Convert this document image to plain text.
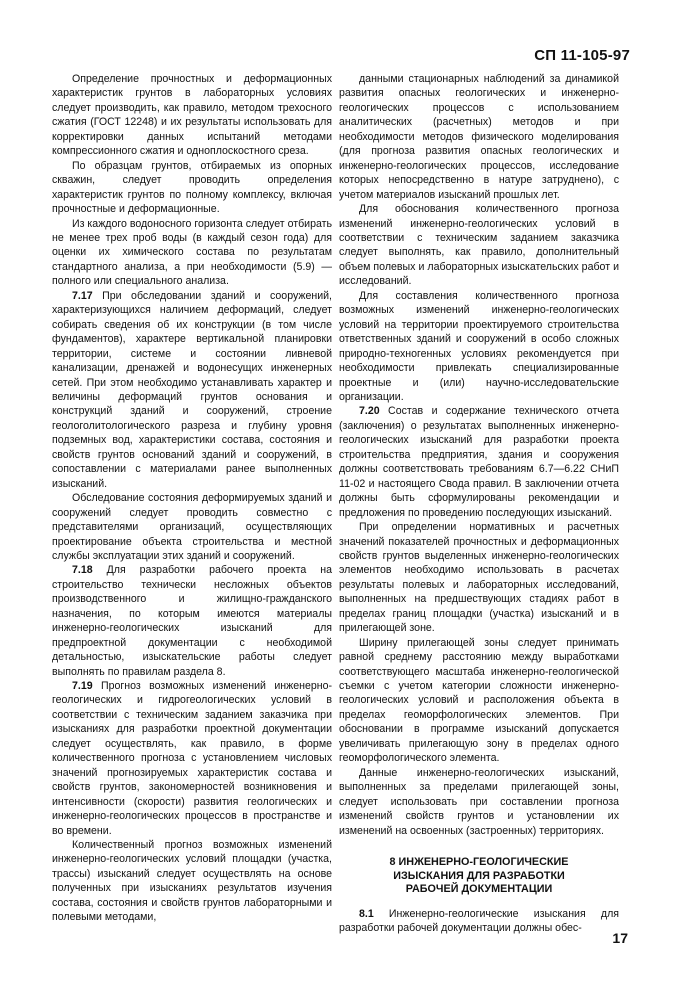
СП 11-105-97

Определение прочностных и деформационных характеристик грунтов в лабораторных условиях следует производить, как правило, методом трехосного сжатия (ГОСТ 12248) и их результаты использовать для корректировки данных испытаний методами компрессионного сжатия и одноплоскостного среза.

По образцам грунтов, отбираемых из опорных скважин, следует проводить определения характеристик грунтов по полному комплексу, включая прочностные и деформационные.

Из каждого водоносного горизонта следует отбирать не менее трех проб воды (в каждый сезон года) для оценки их химического состава по результатам стандартного анализа, а при необходимости (5.9) — полного или специального анализа.

7.17 При обследовании зданий и сооружений, характеризующихся наличием деформаций, следует собирать сведения об их конструкции (в том числе фундаментов), характере вертикальной планировки территории, системе и состоянии ливневой канализации, дренажей и водонесущих инженерных сетей. При этом необходимо устанавливать характер и величины деформаций грунтов основания и конструкций зданий и сооружений, строение геологолитологического разреза и глубину уровня подземных вод, характеристики состава, состояния и свойств грунтов оснований зданий и сооружений, в сопоставлении с материалами ранее выполненных изысканий.

Обследование состояния деформируемых зданий и сооружений следует проводить совместно с представителями организаций, осуществляющих проектирование объекта строительства и местной службы эксплуатации этих зданий и сооружений.

7.18 Для разработки рабочего проекта на строительство технически несложных объектов производственного и жилищно-гражданского назначения, по которым имеются материалы инженерно-геологических изысканий для предпроектной документации с необходимой детальностью, изыскательские работы следует выполнять по правилам раздела 8.

7.19 Прогноз возможных изменений инженерно-геологических и гидрогеологических условий в соответствии с техническим заданием заказчика при изысканиях для разработки проектной документации следует осуществлять, как правило, в форме количественного прогноза с установлением числовых значений прогнозируемых характеристик состава и свойств грунтов, закономерностей возникновения и интенсивности (скорости) развития геологических и инженерно-геологических процессов в пространстве и во времени.

Количественный прогноз возможных изменений инженерно-геологических условий площадки (участка, трассы) изысканий следует осуществлять на основе полученных при изысканиях результатов изучения состава, состояния и свойств грунтов лабораторными и полевыми методами,

данными стационарных наблюдений за динамикой развития опасных геологических и инженерно-геологических процессов с использованием аналитических (расчетных) методов и при необходимости методов физического моделирования (для прогноза развития опасных геологических и инженерно-геологических процессов, исследование которых непосредственно в натуре затруднено), с учетом материалов изысканий прошлых лет.

Для обоснования количественного прогноза изменений инженерно-геологических условий в соответствии с техническим заданием заказчика следует выполнять, как правило, дополнительный объем полевых и лабораторных изыскательских работ и исследований.

Для составления количественного прогноза возможных изменений инженерно-геологических условий на территории проектируемого строительства ответственных зданий и сооружений в особо сложных природно-техногенных условиях рекомендуется при необходимости привлекать специализированные проектные и (или) научно-исследовательские организации.

7.20 Состав и содержание технического отчета (заключения) о результатах выполненных инженерно-геологических изысканий для разработки проекта строительства предприятия, здания и сооружения должны соответствовать требованиям 6.7—6.22 СНиП 11-02 и настоящего Свода правил. В заключении отчета должны быть сформулированы рекомендации и предложения по проведению последующих изысканий.

При определении нормативных и расчетных значений показателей прочностных и деформационных свойств грунтов выделенных инженерно-геологических элементов необходимо использовать в расчетах результаты полевых и лабораторных исследований, выполненных на предшествующих стадиях работ в пределах границ площадки (участка) изысканий и в прилегающей зоне.

Ширину прилегающей зоны следует принимать равной среднему расстоянию между выработками соответствующего масштаба инженерно-геологической съемки с учетом категории сложности инженерно-геологических условий и расположения объекта в пределах геоморфологических элементов. При обосновании в программе изысканий допускается увеличивать прилегающую зону в пределах одного геоморфологического элемента.

Данные инженерно-геологических изысканий, выполненных за пределами прилегающей зоны, следует использовать при составлении прогноза изменений свойств грунтов и установлении их изменений на освоенных (застроенных) территориях.

8 ИНЖЕНЕРНО-ГЕОЛОГИЧЕСКИЕ
ИЗЫСКАНИЯ ДЛЯ РАЗРАБОТКИ
РАБОЧЕЙ ДОКУМЕНТАЦИИ

8.1 Инженерно-геологические изыскания для разработки рабочей документации должны обес-

17
